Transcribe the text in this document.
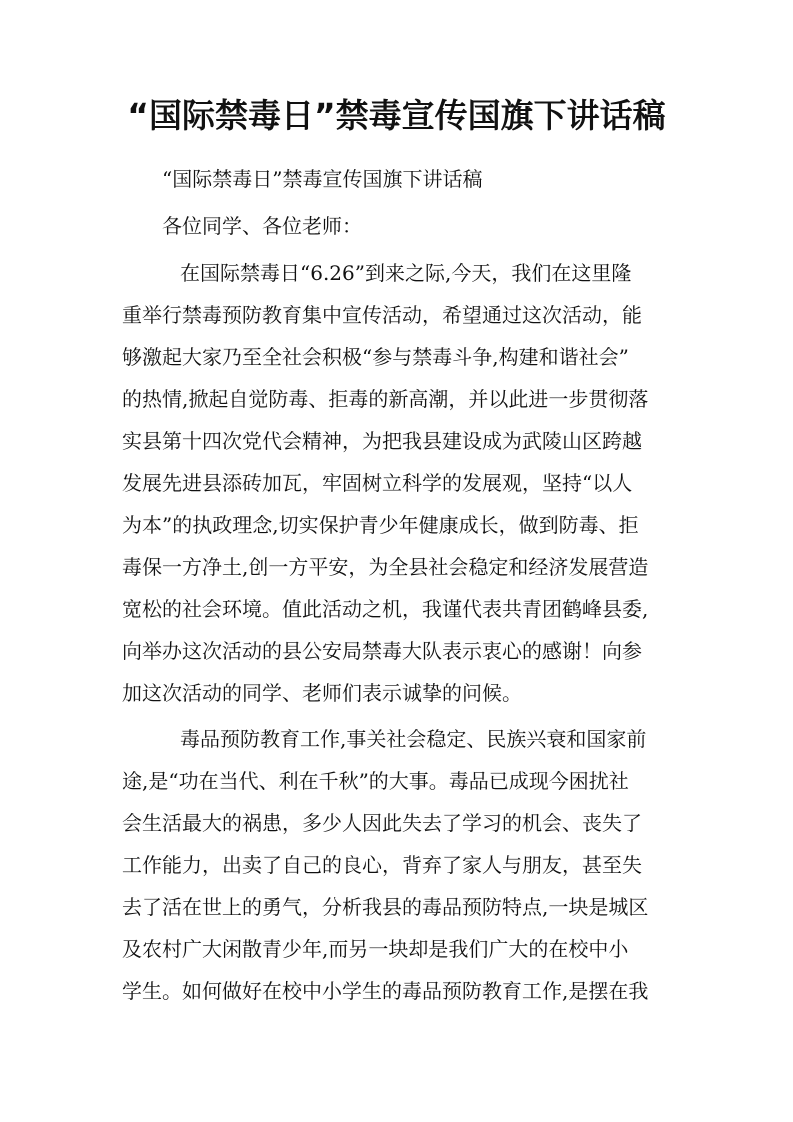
“国际禁毒日”禁毒宣传国旗下讲话稿

“国际禁毒日”禁毒宣传国旗下讲话稿

各位同学、各位老师：

在国际禁毒日“6.26”到来之际,今天，我们在这里隆
重举行禁毒预防教育集中宣传活动，希望通过这次活动，能
够激起大家乃至全社会积极“参与禁毒斗争,构建和谐社会”
的热情,掀起自觉防毒、拒毒的新高潮，并以此进一步贯彻落
实县第十四次党代会精神，为把我县建设成为武陵山区跨越
发展先进县添砖加瓦，牢固树立科学的发展观，坚持“以人
为本”的执政理念,切实保护青少年健康成长，做到防毒、拒
毒保一方净土,创一方平安，为全县社会稳定和经济发展营造
宽松的社会环境。值此活动之机，我谨代表共青团鹤峰县委,
向举办这次活动的县公安局禁毒大队表示衷心的感谢！向参
加这次活动的同学、老师们表示诚挚的问候。
毒品预防教育工作,事关社会稳定、民族兴衰和国家前
途,是“功在当代、利在千秋”的大事。毒品已成现今困扰社
会生活最大的祸患，多少人因此失去了学习的机会、丧失了
工作能力，出卖了自己的良心，背弃了家人与朋友，甚至失
去了活在世上的勇气，分析我县的毒品预防特点,一块是城区
及农村广大闲散青少年,而另一块却是我们广大的在校中小
学生。如何做好在校中小学生的毒品预防教育工作,是摆在我
